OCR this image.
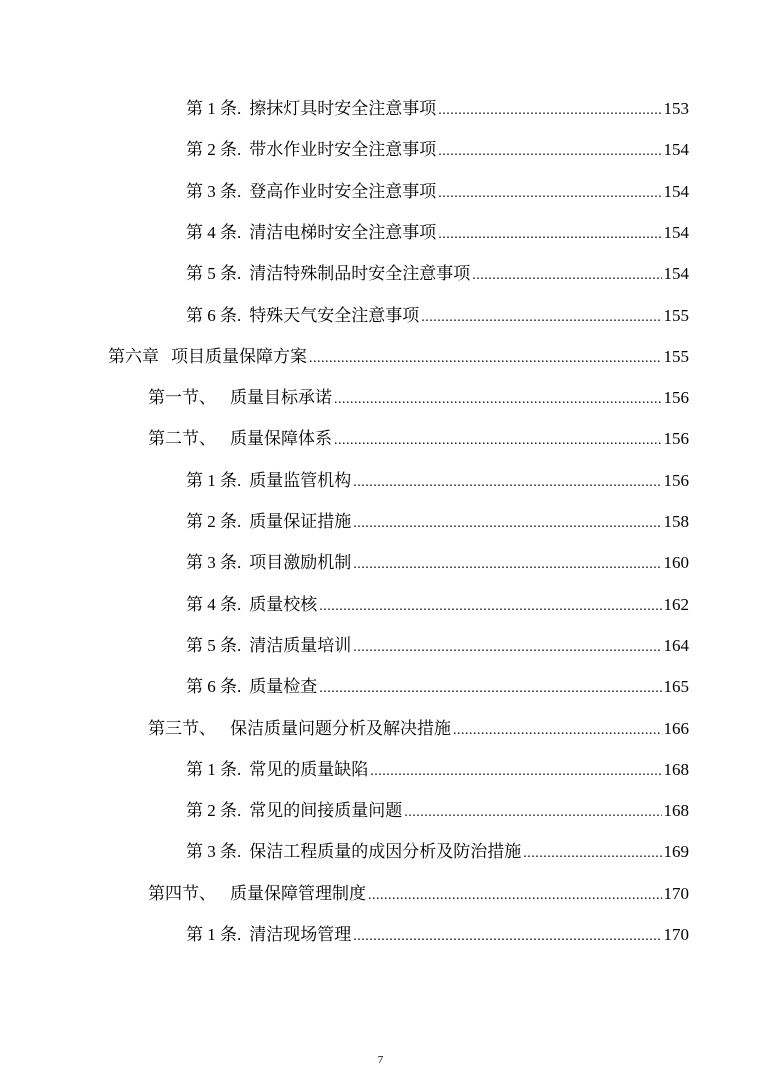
第 1 条. 擦抹灯具时安全注意事项 .....	153
第 2 条. 带水作业时安全注意事项 .....	154
第 3 条. 登高作业时安全注意事项 .....	154
第 4 条. 清洁电梯时安全注意事项 .....	154
第 5 条. 清洁特殊制品时安全注意事项 .....	154
第 6 条. 特殊天气安全注意事项 .....	155
第六章 项目质量保障方案 .....	155
第一节、 质量目标承诺 .....	156
第二节、 质量保障体系 .....	156
第 1 条. 质量监管机构 .....	156
第 2 条. 质量保证措施 .....	158
第 3 条. 项目激励机制 .....	160
第 4 条. 质量校核 .....	162
第 5 条. 清洁质量培训 .....	164
第 6 条. 质量检查 .....	165
第三节、 保洁质量问题分析及解决措施 .....	166
第 1 条. 常见的质量缺陷 .....	168
第 2 条. 常见的间接质量问题 .....	168
第 3 条. 保洁工程质量的成因分析及防治措施 .....	169
第四节、 质量保障管理制度 .....	170
第 1 条. 清洁现场管理 .....	170
7
